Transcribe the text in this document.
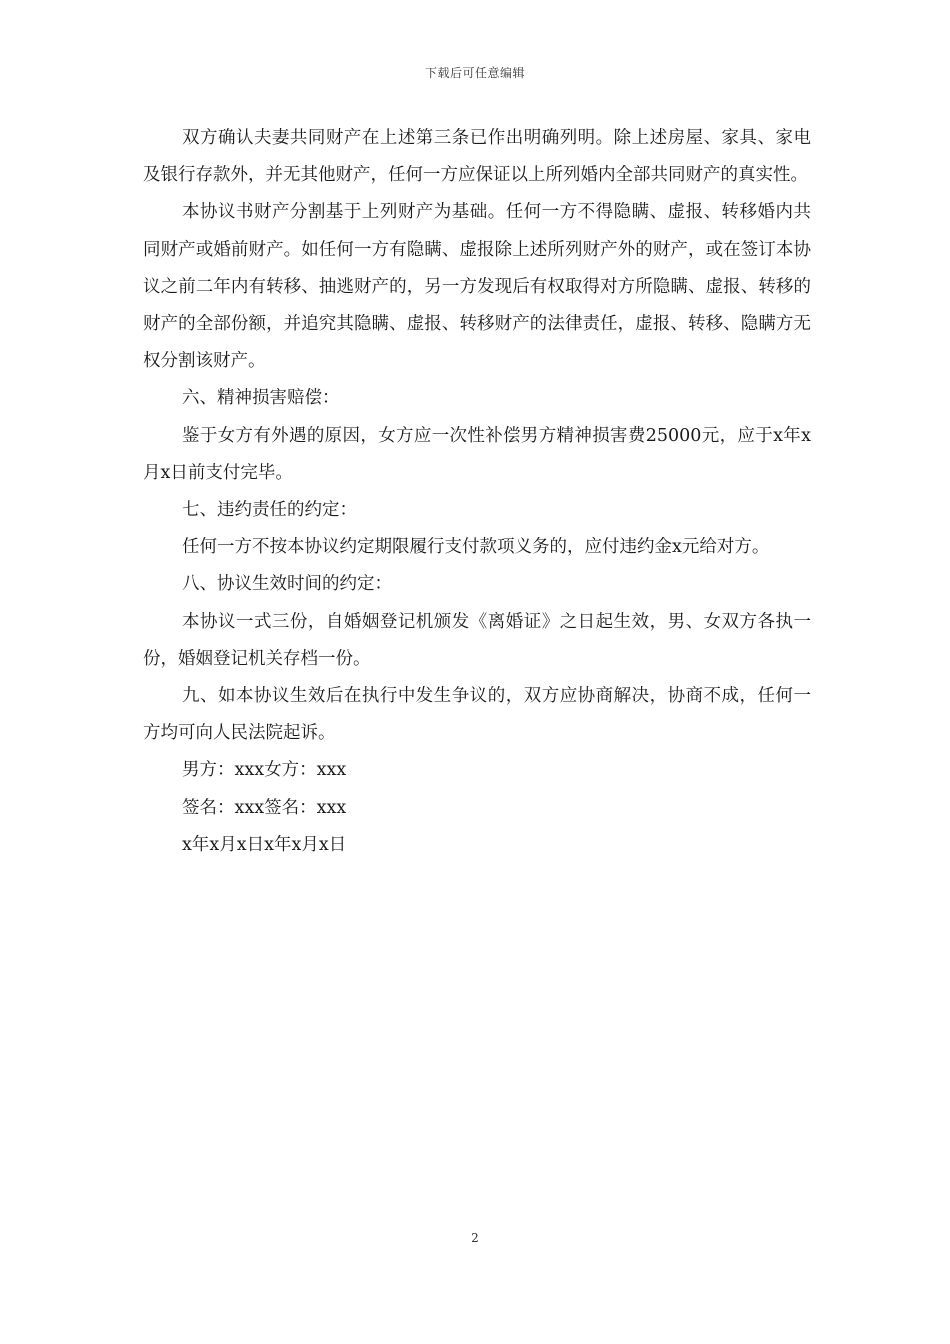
下载后可任意编辑

双方确认夫妻共同财产在上述第三条已作出明确列明。除上述房屋、家具、家电及银行存款外，并无其他财产，任何一方应保证以上所列婚内全部共同财产的真实性。

本协议书财产分割基于上列财产为基础。任何一方不得隐瞒、虚报、转移婚内共同财产或婚前财产。如任何一方有隐瞒、虚报除上述所列财产外的财产，或在签订本协议之前二年内有转移、抽逃财产的，另一方发现后有权取得对方所隐瞒、虚报、转移的财产的全部份额，并追究其隐瞒、虚报、转移财产的法律责任，虚报、转移、隐瞒方无权分割该财产。

六、精神损害赔偿：

鉴于女方有外遇的原因，女方应一次性补偿男方精神损害费25000元，应于x年x月x日前支付完毕。

七、违约责任的约定：

任何一方不按本协议约定期限履行支付款项义务的，应付违约金x元给对方。

八、协议生效时间的约定：

本协议一式三份，自婚姻登记机颁发《离婚证》之日起生效，男、女双方各执一份，婚姻登记机关存档一份。

九、如本协议生效后在执行中发生争议的，双方应协商解决，协商不成，任何一方均可向人民法院起诉。

男方：xxx女方：xxx

签名：xxx签名：xxx

x年x月x日x年x月x日

2
